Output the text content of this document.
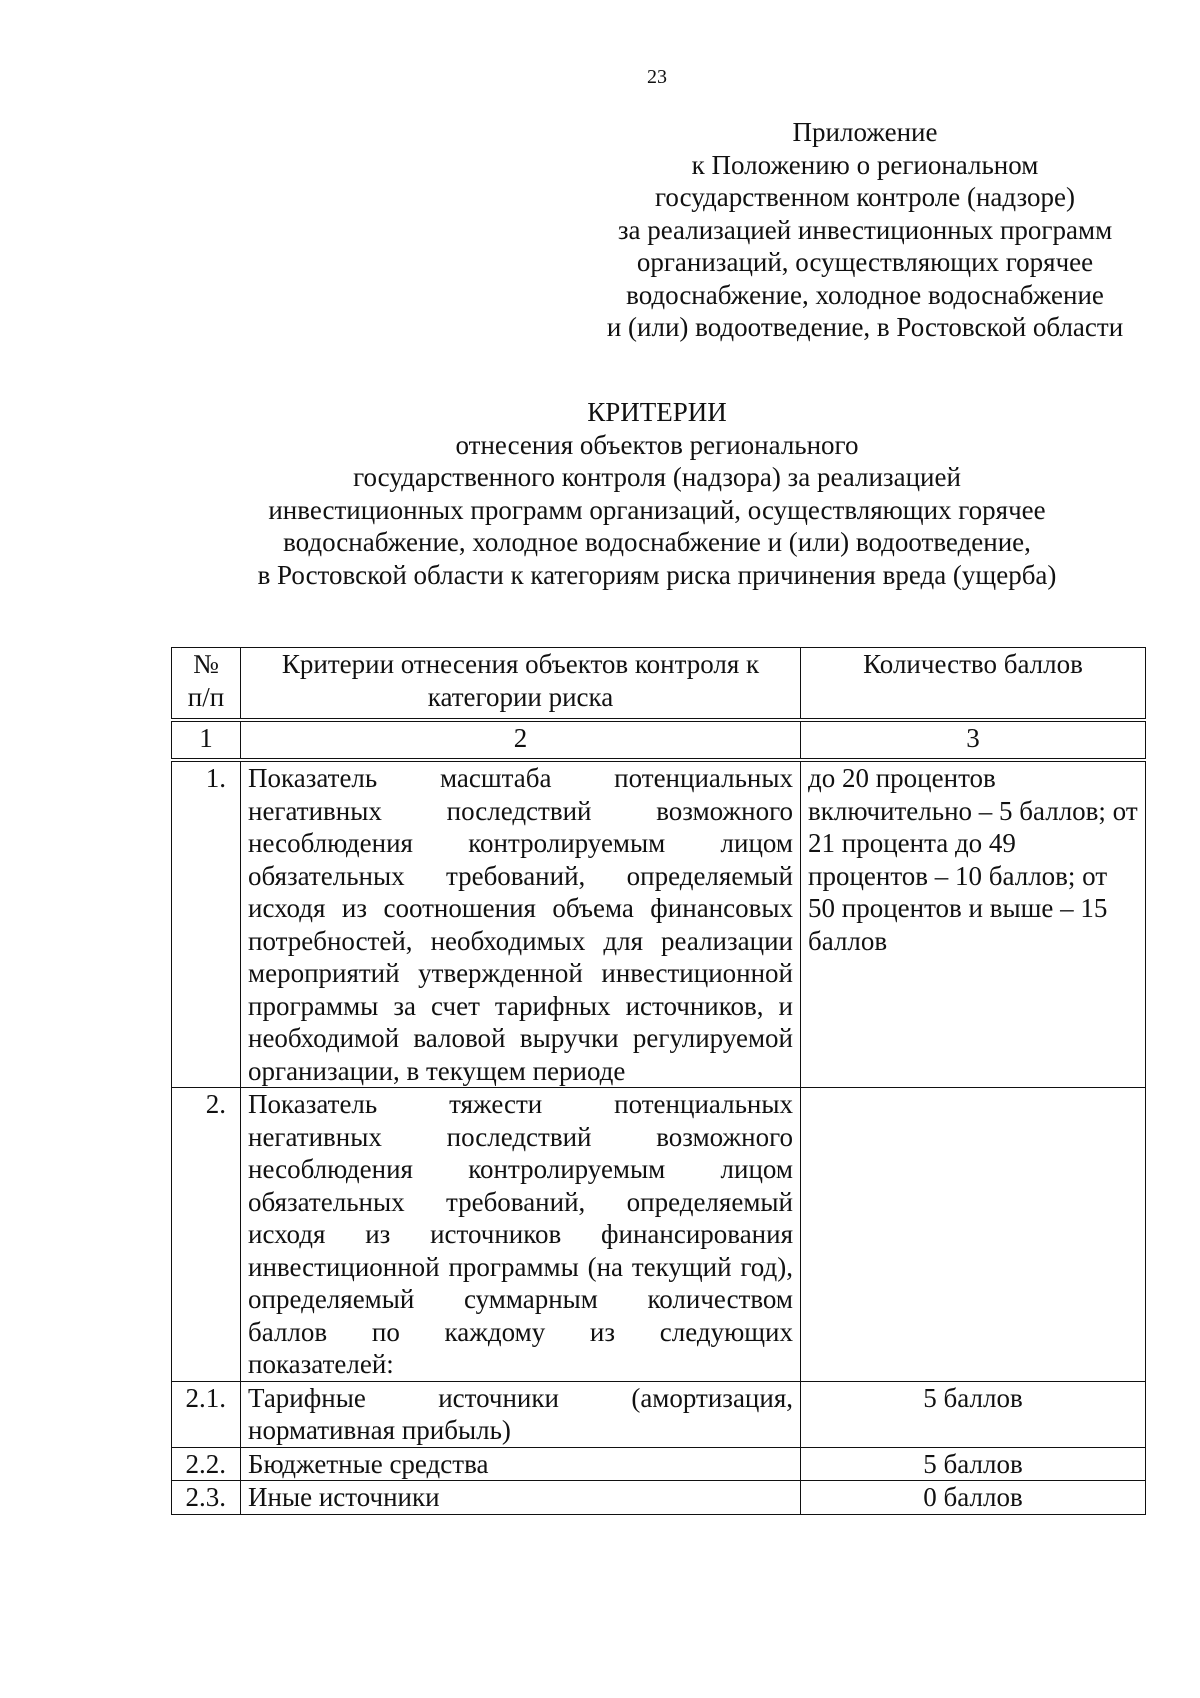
23
Приложение
к Положению о региональном
государственном контроле (надзоре)
за реализацией инвестиционных программ
организаций, осуществляющих горячее
водоснабжение, холодное водоснабжение
и (или) водоотведение, в Ростовской области
КРИТЕРИИ
отнесения объектов регионального
государственного контроля (надзора) за реализацией
инвестиционных программ организаций, осуществляющих горячее
водоснабжение, холодное водоснабжение и (или) водоотведение,
в Ростовской области к категориям риска причинения вреда (ущерба)
№ п/п	Критерии отнесения объектов контроля к категории риска	Количество баллов
1	2	3
1.	Показатель масштаба потенциальных негативных последствий возможного несоблюдения контролируемым лицом обязательных требований, определяемый исходя из соотношения объема финансовых потребностей, необходимых для реализации мероприятий утвержденной инвестиционной программы за счет тарифных источников, и необходимой валовой выручки регулируемой организации, в текущем периоде	до 20 процентов включительно – 5 баллов; от 21 процента до 49 процентов – 10 баллов; от 50 процентов и выше – 15 баллов
2.	Показатель тяжести потенциальных негативных последствий возможного несоблюдения контролируемым лицом обязательных требований, определяемый исходя из источников финансирования инвестиционной программы (на текущий год), определяемый суммарным количеством баллов по каждому из следующих показателей:	
2.1.	Тарифные источники (амортизация, нормативная прибыль)	5 баллов
2.2.	Бюджетные средства	5 баллов
2.3.	Иные источники	0 баллов
